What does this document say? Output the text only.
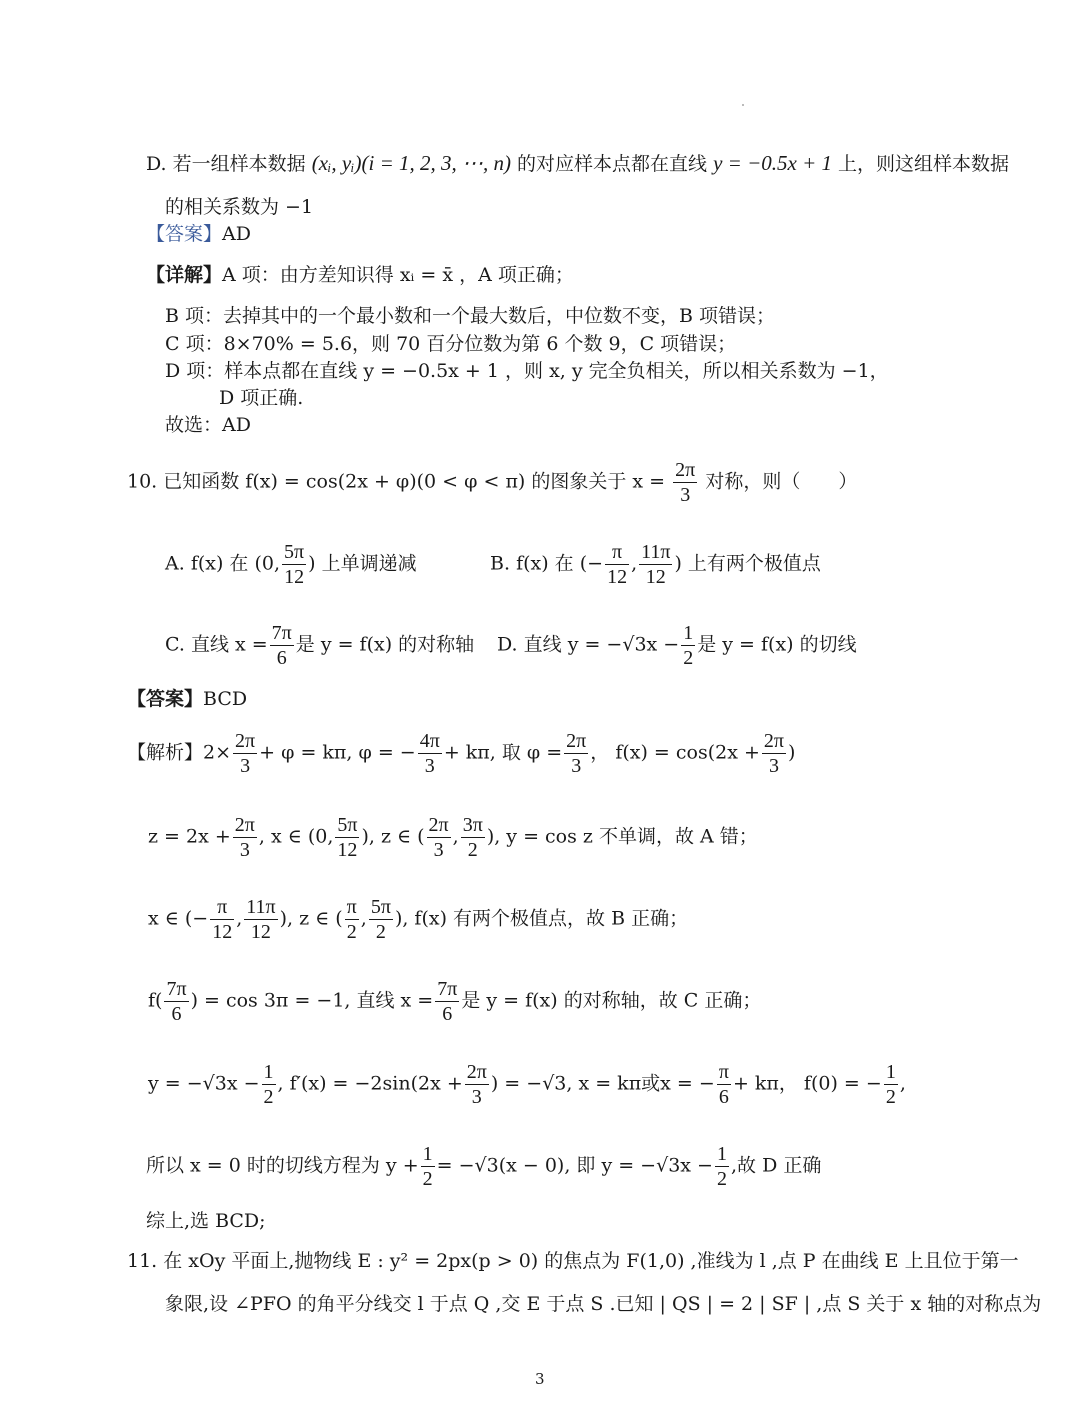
D. 若一组样本数据 (xᵢ, yᵢ)(i = 1, 2, 3, ⋯, n) 的对应样本点都在直线 y = −0.5x + 1 上，则这组样本数据
的相关系数为 −1
【答案】AD
【详解】A 项：由方差知识得 xᵢ = x̄ ，A 项正确；
B 项：去掉其中的一个最小数和一个最大数后，中位数不变，B 项错误；
C 项：8×70% = 5.6，则 70 百分位数为第 6 个数 9，C 项错误；
D 项：样本点都在直线 y = −0.5x + 1 ，则 x, y 完全负相关，所以相关系数为 −1，
D 项正确.
故选：AD
10. 已知函数 f(x) = cos(2x + φ)(0 < φ < π) 的图象关于 $x = \frac{2\pi}{3}$ 对称，则（　　）
A. f(x) 在 (0, $\frac{5\pi}{12}$ ) 上单调递减	B. f(x) 在 (− $\frac{\pi}{12}$ , $\frac{11\pi}{12}$ ) 上有两个极值点
C. 直线 $x = \frac{7\pi}{6}$ 是 y = f(x) 的对称轴 D. 直线 $y = -√3x - \frac{1}{2}$ 是 y = f(x) 的切线
【答案】BCD
【解析】$2\times \frac{2\pi}{3} + \varphi = k\pi$, φ = − $\frac{4\pi}{3} + k\pi$, 取 $\varphi = \frac{2\pi}{3}$ ， $f(x) = \cos(2x + \frac{2\pi}{3}$ )
$z = 2x + \frac{2\pi}{3}$ , x ∈ (0, $\frac{5\pi}{12}$ ), z ∈ ( $\frac{2\pi}{3}$ , $\frac{3\pi}{2}$ ), y = cos z 不单调，故 A 错；
x ∈ (− $\frac{\pi}{12}$ , $\frac{11\pi}{12}$ ), z ∈ ( $\frac{\pi}{2}$ , $\frac{5\pi}{2}$ ), f(x) 有两个极值点，故 B 正确；
$f( \frac{7\pi}{6}$ ) = cos 3π = −1, 直线 $x = \frac{7\pi}{6}$ 是 y = f(x) 的对称轴，故 C 正确；
$y = -√3x - \frac{1}{2}$ , $f'(x) = -2\sin(2x + \frac{2\pi}{3}$ ) = −√3, x = kπ或x = − $\frac{\pi}{6} + k\pi$， f(0) = − $\frac{1}{2}$ ,
所以 x = 0 时的切线方程为 $y + \frac{1}{2} = -√3(x - 0)$, 即 $y = -√3x - \frac{1}{2}$ ,故 D 正确
综上,选 BCD;
11. 在 xOy 平面上,抛物线 E : y² = 2px(p > 0) 的焦点为 F(1,0) ,准线为 l ,点 P 在曲线 E 上且位于第一
象限,设 ∠PFO 的角平分线交 l 于点 Q ,交 E 于点 S .已知 | QS | = 2 | SF | ,点 S 关于 x 轴的对称点为
3
